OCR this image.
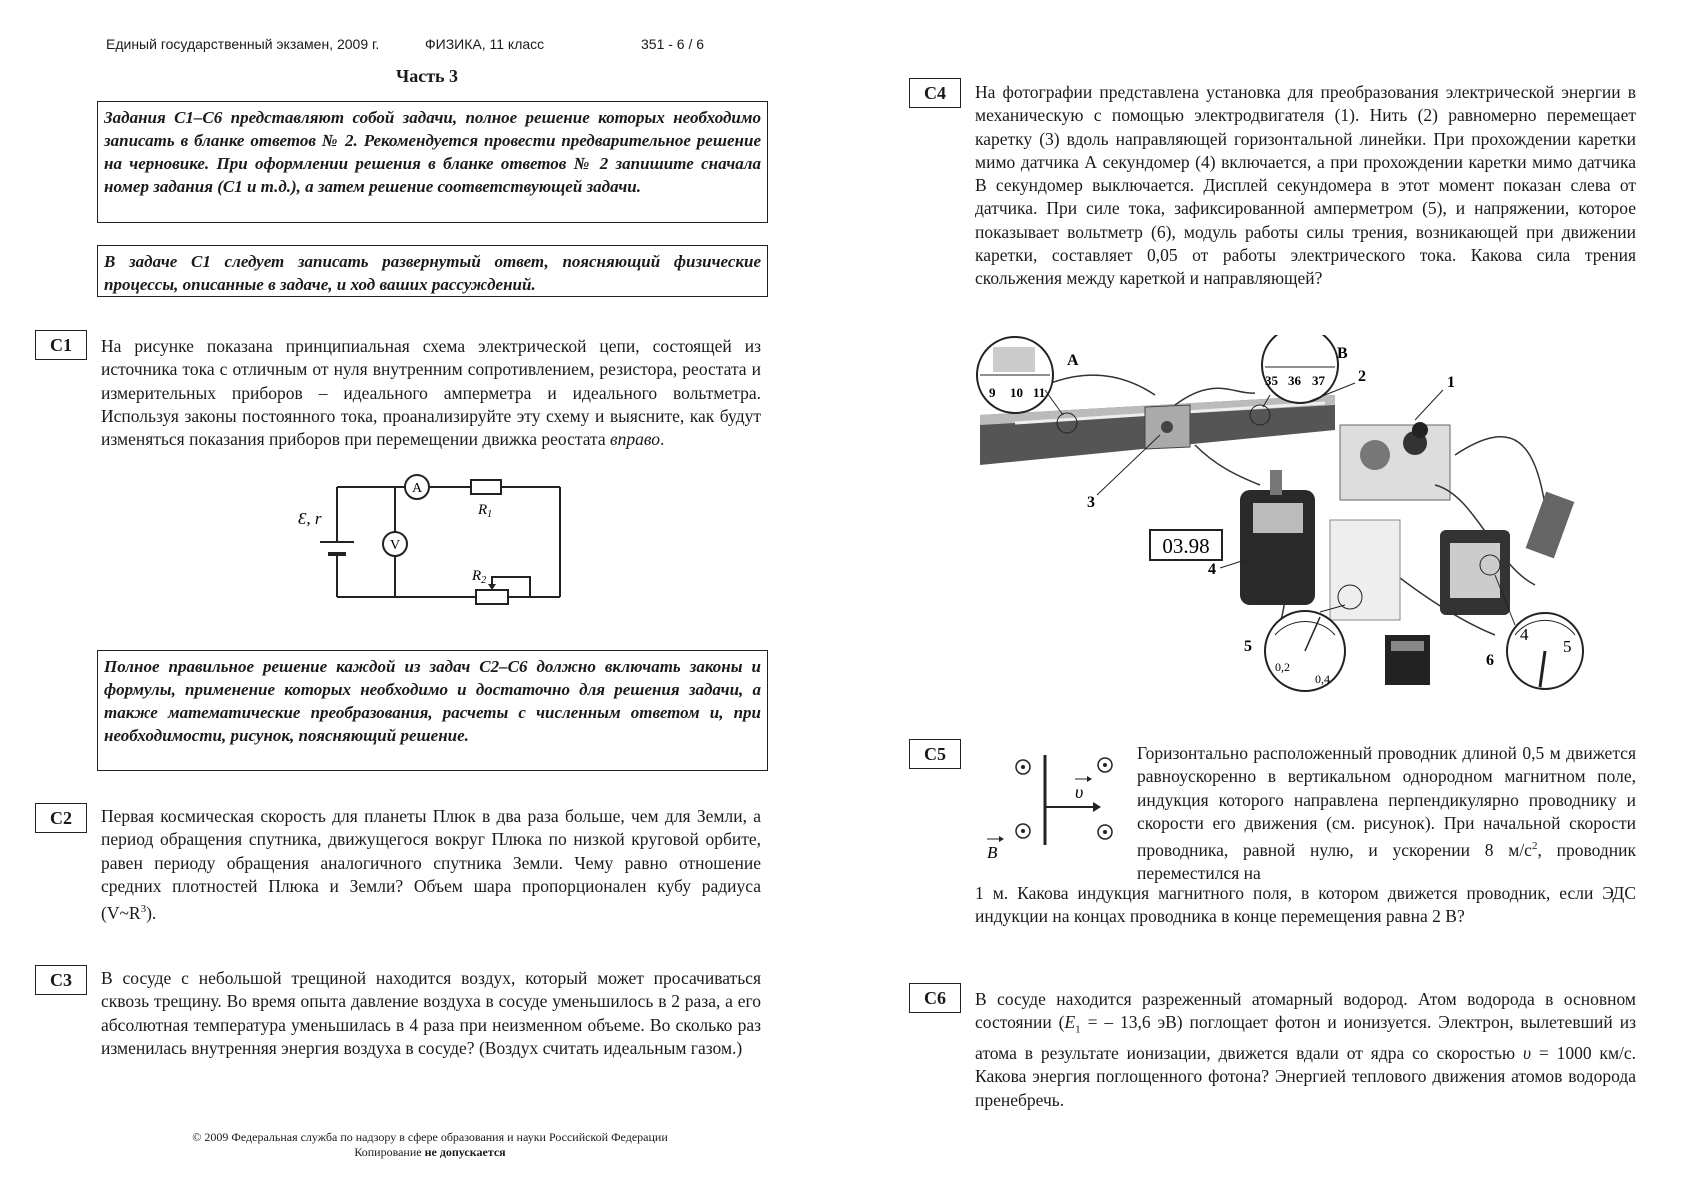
Единый государственный экзамен, 2009 г.	ФИЗИКА, 11 класс	351 - 6 / 6
Часть 3
Задания С1–С6 представляют собой задачи, полное решение которых необходимо записать в бланке ответов № 2. Рекомендуется провести предварительное решение на черновике. При оформлении решения в бланке ответов № 2 запишите сначала номер задания (С1 и т.д.), а затем решение соответствующей задачи.
В задаче С1 следует записать развернутый ответ, поясняющий физические процессы, описанные в задаче, и ход ваших рассуждений.
C1	На рисунке показана принципиальная схема электрической цепи, состоящей из источника тока с отличным от нуля внутренним сопротивлением, резистора, реостата и измерительных приборов – идеального амперметра и идеального вольтметра. Используя законы постоянного тока, проанализируйте эту схему и выясните, как будут изменяться показания приборов при перемещении движка реостата вправо.
A
V
Ɛ, r	$R_1$
$R_2$
Полное правильное решение каждой из задач С2–С6 должно включать законы и формулы, применение которых необходимо и достаточно для решения задачи, а также математические преобразования, расчеты с численным ответом и, при необходимости, рисунок, поясняющий решение.
C2	Первая космическая скорость для планеты Плюк в два раза больше, чем для Земли, а период обращения спутника, движущегося вокруг Плюка по низкой круговой орбите, равен периоду обращения аналогичного спутника Земли. Чему равно отношение средних плотностей Плюка и Земли? Объем шара пропорционален кубу радиуса $(V\sim R^3)$.
C3	В сосуде с небольшой трещиной находится воздух, который может просачиваться сквозь трещину. Во время опыта давление воздуха в сосуде уменьшилось в 2 раза, а его абсолютная температура уменьшилась в 4 раза при неизменном объеме. Во сколько раз изменилась внутренняя энергия воздуха в сосуде? (Воздух считать идеальным газом.)
© 2009 Федеральная служба по надзору в сфере образования и науки Российской Федерации
Копирование не допускается
C4	На фотографии представлена установка для преобразования электрической энергии в механическую с помощью электродвигателя (1). Нить (2) равномерно перемещает каретку (3) вдоль направляющей горизонтальной линейки. При прохождении каретки мимо датчика А секундомер (4) включается, а при прохождении каретки мимо датчика В секундомер выключается. Дисплей секундомера в этот момент показан слева от датчика. При силе тока, зафиксированной амперметром (5), и напряжении, которое показывает вольтметр (6), модуль работы силы трения, возникающей при движении каретки, составляет 0,05 от работы электрического тока. Какова сила трения скольжения между кареткой и направляющей?
03.98
9 10 11
A
35 36 37
B
0,2
0,4
4
5
1
2
3
4
5
6
C5
υ
B
Горизонтально расположенный проводник длиной 0,5 м движется равноускоренно в вертикальном однородном магнитном поле, индукция которого направлена перпендикулярно проводнику и скорости его движения (см. рисунок). При начальной скорости проводника, равной нулю, и ускорении 8 $м/с^2$, проводник переместился на
1 м. Какова индукция магнитного поля, в котором движется проводник, если ЭДС индукции на концах проводника в конце перемещения равна 2 В?
C6	В сосуде находится разреженный атомарный водород. Атом водорода в основном состоянии ($E_1$ = – 13,6 эВ) поглощает фотон и ионизуется. Электрон, вылетевший из атома в результате ионизации, движется вдали от ядра со скоростью υ = 1000 км/с. Какова энергия поглощенного фотона? Энергией теплового движения атомов водорода пренебречь.
